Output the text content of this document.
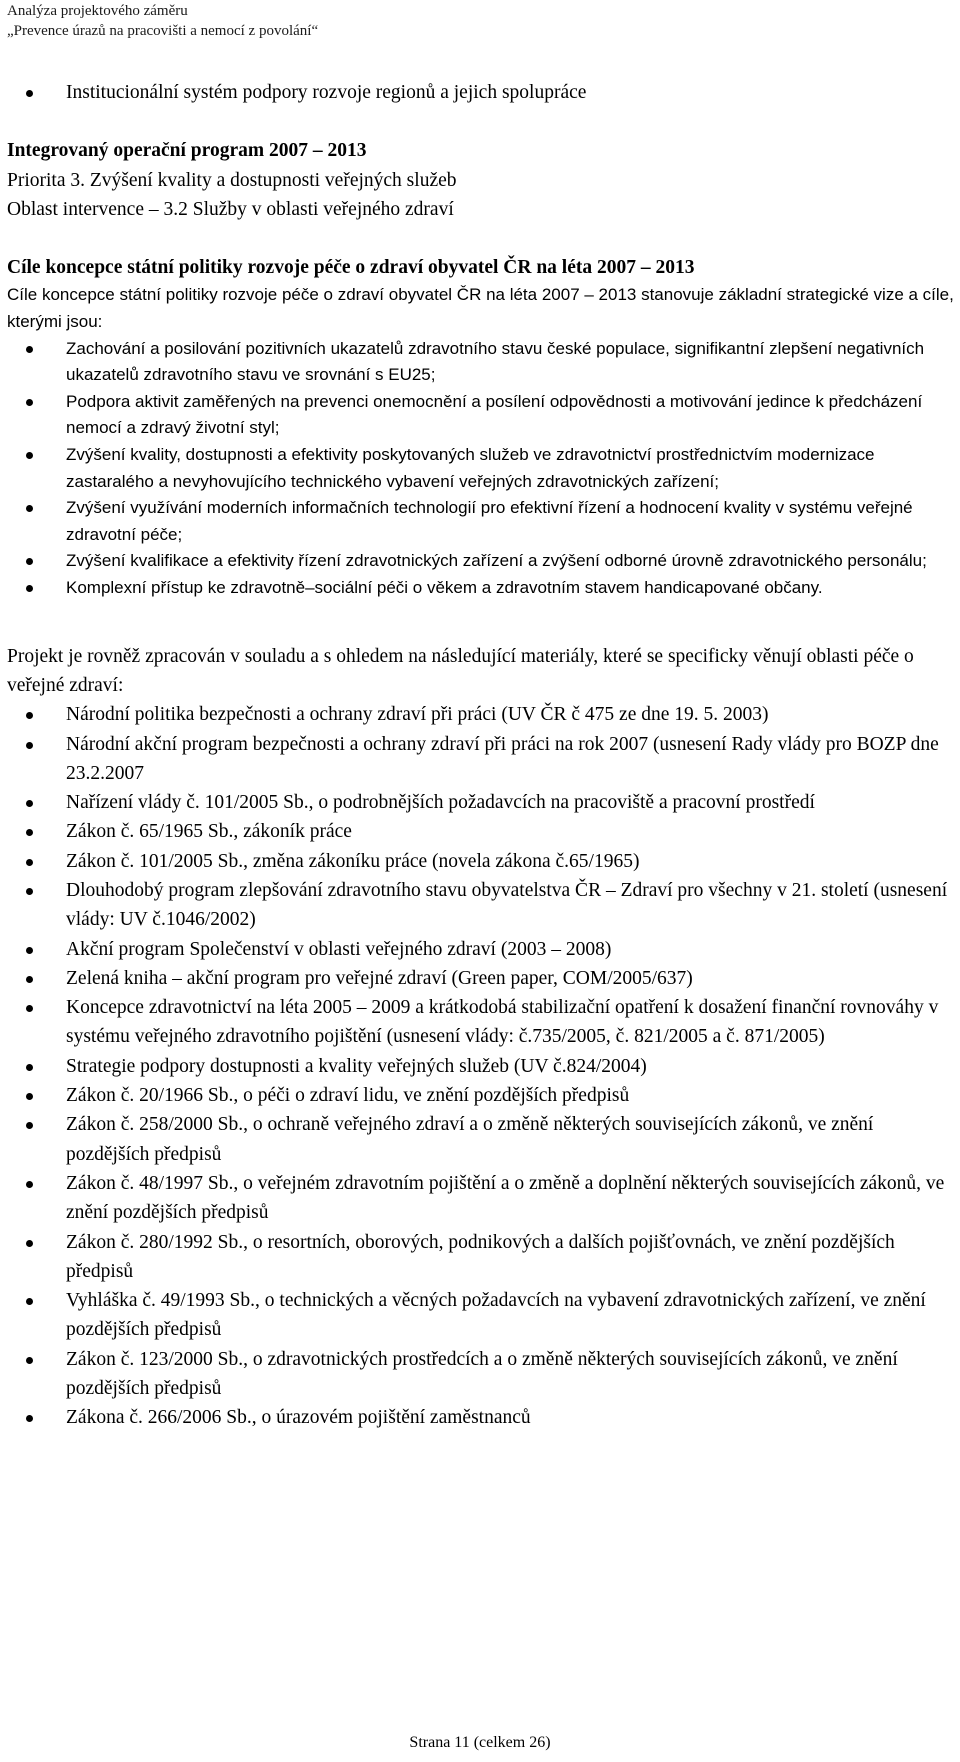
Analýza projektového záměru
„Prevence úrazů na pracovišti a nemocí z povolání“
Institucionální systém podpory rozvoje regionů a jejich spolupráce
Integrovaný operační program 2007 – 2013
Priorita 3. Zvýšení kvality a dostupnosti veřejných služeb
Oblast intervence – 3.2 Služby v oblasti veřejného zdraví
Cíle koncepce státní politiky rozvoje péče o zdraví obyvatel ČR na léta 2007 – 2013
Cíle koncepce státní politiky rozvoje péče o zdraví obyvatel ČR na léta 2007 – 2013 stanovuje základní strategické vize a cíle, kterými jsou:
Zachování a posilování pozitivních ukazatelů zdravotního stavu české populace, signifikantní zlepšení negativních ukazatelů zdravotního stavu ve srovnání s EU25;
Podpora aktivit zaměřených na prevenci onemocnění a posílení odpovědnosti a motivování jedince k předcházení nemocí a zdravý životní styl;
Zvýšení kvality, dostupnosti a efektivity poskytovaných služeb ve zdravotnictví prostřednictvím modernizace zastaralého a nevyhovujícího technického vybavení veřejných zdravotnických zařízení;
Zvýšení využívání moderních informačních technologií pro efektivní řízení a hodnocení kvality v systému veřejné zdravotní péče;
Zvýšení kvalifikace a efektivity řízení zdravotnických zařízení a zvýšení odborné úrovně zdravotnického personálu;
Komplexní přístup ke zdravotně–sociální péči o věkem a zdravotním stavem handicapované občany.
Projekt je rovněž zpracován v souladu a s ohledem na následující materiály, které se specificky věnují oblasti péče o veřejné zdraví:
Národní politika bezpečnosti a ochrany zdraví při práci (UV ČR č 475 ze dne 19. 5. 2003)
Národní akční program bezpečnosti a ochrany zdraví při práci na rok 2007 (usnesení Rady vlády pro BOZP dne 23.2.2007
Nařízení vlády č. 101/2005 Sb., o podrobnějších požadavcích na pracoviště a pracovní prostředí
Zákon č. 65/1965 Sb., zákoník práce
Zákon č. 101/2005 Sb., změna zákoníku práce (novela zákona č.65/1965)
Dlouhodobý program zlepšování zdravotního stavu obyvatelstva ČR – Zdraví pro všechny v 21. století (usnesení vlády: UV č.1046/2002)
Akční program Společenství v oblasti veřejného zdraví (2003 – 2008)
Zelená kniha – akční program pro veřejné zdraví (Green paper, COM/2005/637)
Koncepce zdravotnictví na léta 2005 – 2009 a krátkodobá stabilizační opatření k dosažení finanční rovnováhy v systému veřejného zdravotního pojištění (usnesení vlády: č.735/2005, č. 821/2005 a č. 871/2005)
Strategie podpory dostupnosti a kvality veřejných služeb (UV č.824/2004)
Zákon č. 20/1966 Sb., o péči o zdraví lidu, ve znění pozdějších předpisů
Zákon č. 258/2000 Sb., o ochraně veřejného zdraví a o změně některých souvisejících zákonů, ve znění pozdějších předpisů
Zákon č. 48/1997 Sb., o veřejném zdravotním pojištění a o změně a doplnění některých souvisejících zákonů, ve znění pozdějších předpisů
Zákon č. 280/1992 Sb., o resortních, oborových, podnikových a dalších pojišťovnách, ve znění pozdějších předpisů
Vyhláška č. 49/1993 Sb., o technických a věcných požadavcích na vybavení zdravotnických zařízení, ve znění pozdějších předpisů
Zákon č. 123/2000 Sb., o zdravotnických prostředcích a o změně některých souvisejících zákonů, ve znění pozdějších předpisů
Zákona č. 266/2006 Sb., o úrazovém pojištění zaměstnanců
Strana 11 (celkem 26)
